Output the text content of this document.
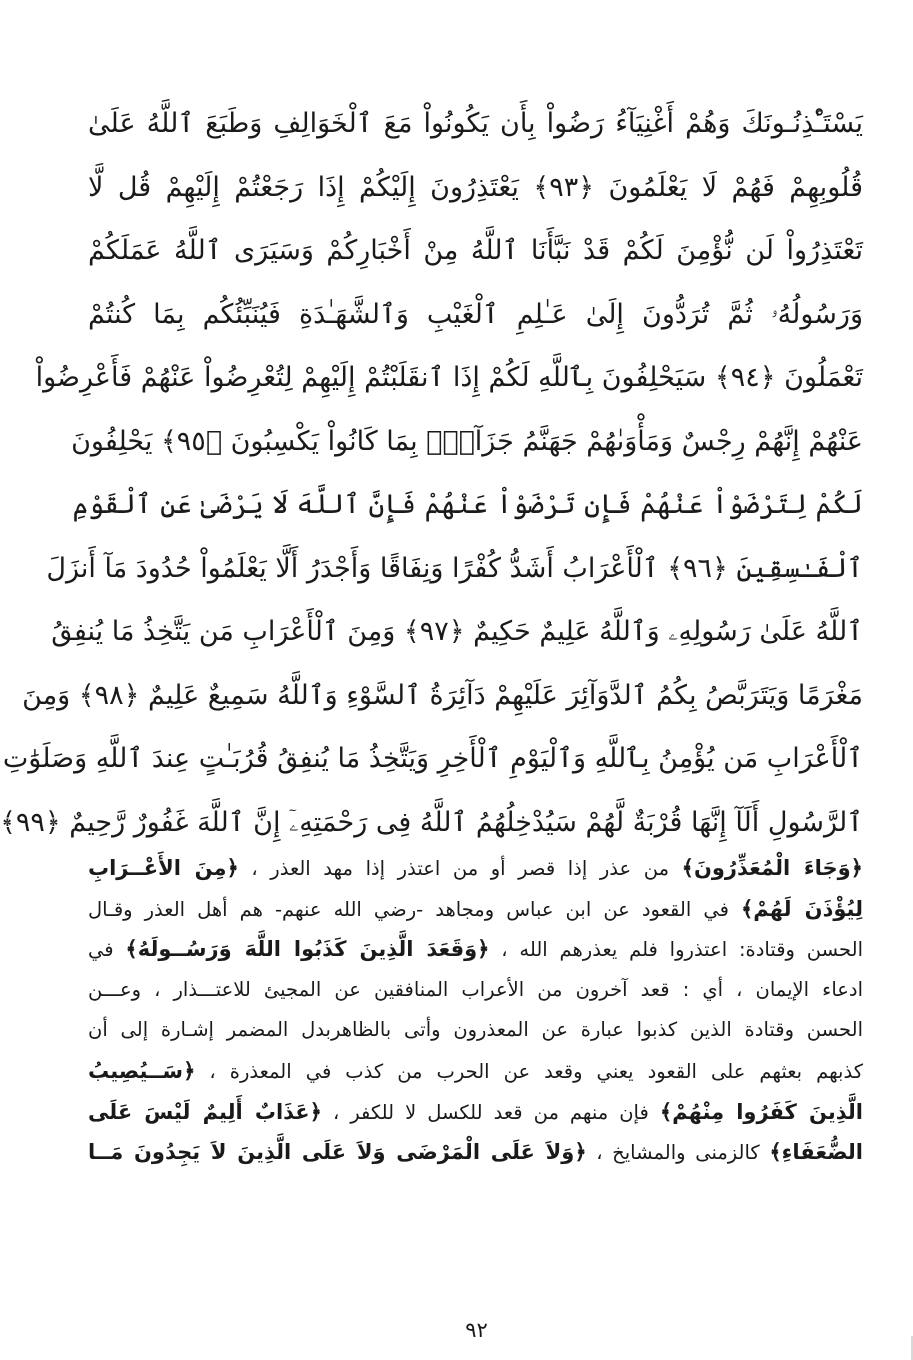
يَسْتَـْٔذِنُـونَكَ وَهُمْ أَغْنِيَآءُ رَضُواْ بِأَن يَكُونُواْ مَعَ ٱلْخَوَالِفِ وَطَبَعَ ٱللَّهُ عَلَىٰ
قُلُوبِهِمْ فَهُمْ لَا يَعْلَمُونَ ﴿٩٣﴾ يَعْتَذِرُونَ إِلَيْكُمْ إِذَا رَجَعْتُمْ إِلَيْهِمْ قُل لَّا
تَعْتَذِرُواْ لَن نُّؤْمِنَ لَكُمْ قَدْ نَبَّأَنَا ٱللَّهُ مِنْ أَخْبَارِكُمْ وَسَيَرَى ٱللَّهُ عَمَلَكُمْ
وَرَسُولُهُۥ ثُمَّ تُرَدُّونَ إِلَىٰ عَـٰلِمِ ٱلْغَيْبِ وَٱلشَّهَـٰدَةِ فَيُنَبِّئُكُم بِمَا كُنتُمْ
تَعْمَلُونَ ﴿٩٤﴾ سَيَحْلِفُونَ بِٱللَّهِ لَكُمْ إِذَا ٱنقَلَبْتُمْ إِلَيْهِمْ لِتُعْرِضُواْ عَنْهُمْ فَأَعْرِضُواْ
عَنْهُمْ إِنَّهُمْ رِجْسٌ وَمَأْوَىٰهُمْ جَهَنَّمُ جَزَآءًۢ بِمَا كَانُواْ يَكْسِبُونَ ﴿٩٥﴾ يَحْلِفُونَ
لَكُمْ لِتَرْضَوْاْ عَنْهُمْ فَإِن تَرْضَوْاْ عَنْهُمْ فَإِنَّ ٱللَّهَ لَا يَرْضَىٰ عَنِ ٱلْقَوْمِ
ٱلْفَـٰسِقِينَ ﴿٩٦﴾ ٱلْأَعْرَابُ أَشَدُّ كُفْرًا وَنِفَاقًا وَأَجْدَرُ أَلَّا يَعْلَمُواْ حُدُودَ مَآ أَنزَلَ
ٱللَّهُ عَلَىٰ رَسُولِهِۦ وَٱللَّهُ عَلِيمٌ حَكِيمٌ ﴿٩٧﴾ وَمِنَ ٱلْأَعْرَابِ مَن يَتَّخِذُ مَا يُنفِقُ
مَغْرَمًا وَيَتَرَبَّصُ بِكُمُ ٱلدَّوَآئِرَ عَلَيْهِمْ دَآئِرَةُ ٱلسَّوْءِ وَٱللَّهُ سَمِيعٌ عَلِيمٌ ﴿٩٨﴾ وَمِنَ
ٱلْأَعْرَابِ مَن يُؤْمِنُ بِٱللَّهِ وَٱلْيَوْمِ ٱلْأَخِرِ وَيَتَّخِذُ مَا يُنفِقُ قُرُبَـٰتٍ عِندَ ٱللَّهِ وَصَلَوَٰتِ
ٱلرَّسُولِ أَلَآ إِنَّهَا قُرْبَةٌ لَّهُمْ سَيُدْخِلُهُمُ ٱللَّهُ فِى رَحْمَتِهِۦٓ إِنَّ ٱللَّهَ غَفُورٌ رَّحِيمٌ ﴿٩٩﴾
﴿وَجَاءَ الْمُعَذِّرُونَ﴾ من عذر إذا قصر أو من اعتذر إذا مهد العذر ، ﴿مِنَ الأَعْــرَابِ
لِيُؤْذَنَ لَهُمْ﴾ في القعود عن ابن عباس ومجاهد -رضي الله عنهم- هم أهل العذر وقـال
الحسن وقتادة: اعتذروا فلم يعذرهم الله ، ﴿وَقَعَدَ الَّذِينَ كَذَبُوا اللَّهَ وَرَسُــولَهُ﴾ في
ادعاء الإيمان ، أي : قعد آخرون من الأعراب المنافقين عن المجيئ للاعتـــذار ، وعـــن
الحسن وقتادة الذين كذبوا عبارة عن المعذرون وأتى بالظاهربدل المضمر إشـارة إلى أن
كذبهم بعثهم على القعود يعني وقعد عن الحرب من كذب في المعذرة ، ﴿سَــيُصِيبُ
الَّذِينَ كَفَرُوا مِنْهُمْ﴾ فإن منهم من قعد للكسل لا للكفر ، ﴿عَذَابٌ أَلِيمٌ لَيْسَ عَلَى
الضُّعَفَاءِ﴾ كالزمنى والمشايخ ، ﴿وَلاَ عَلَى الْمَرْضَى وَلاَ عَلَى الَّذِينَ لاَ يَجِدُونَ مَــا
٩٢
